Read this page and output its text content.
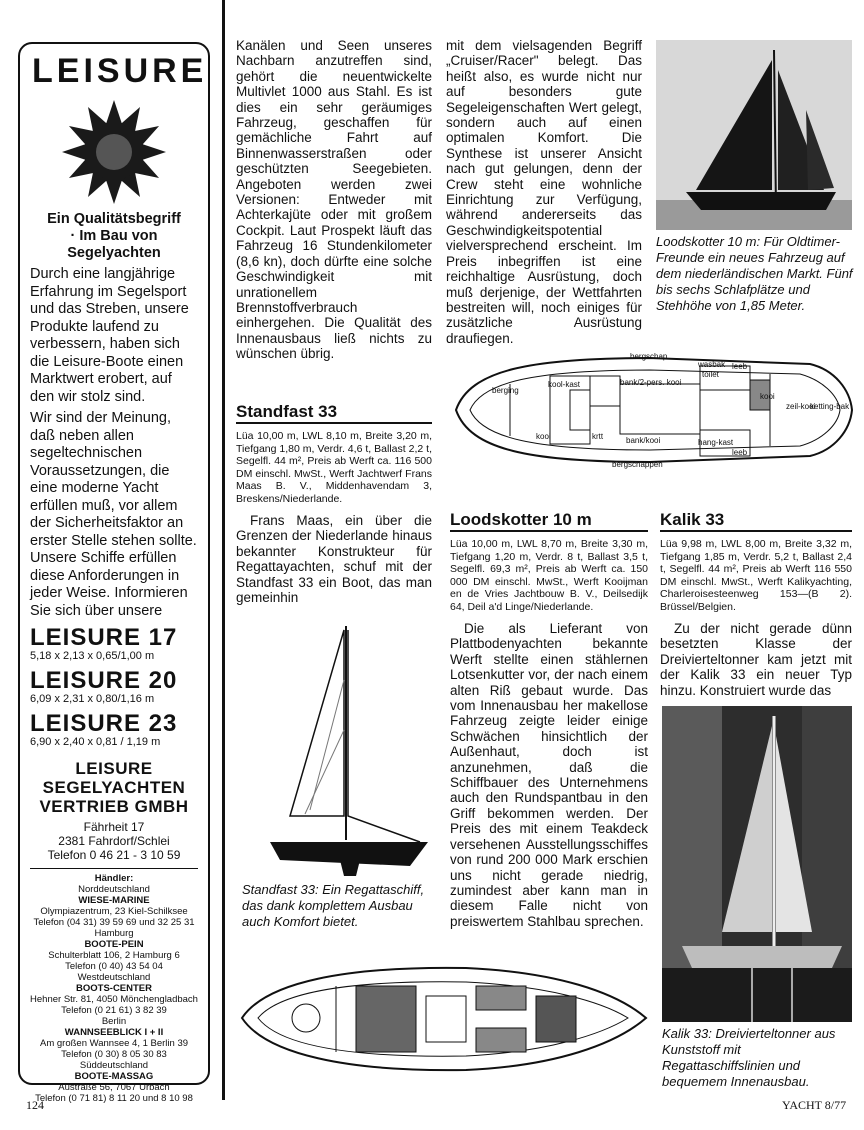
LEISURE
Ein Qualitätsbegriff
· Im Bau von
Segelyachten
Durch eine langjährige Erfahrung im Segelsport und das Streben, unsere Produkte laufend zu verbessern, haben sich die Leisure-Boote einen Marktwert erobert, auf den wir stolz sind.
Wir sind der Meinung, daß neben allen segeltechnischen Voraussetzungen, die eine moderne Yacht erfüllen muß, vor allem der Sicherheitsfaktor an erster Stelle stehen sollte. Unsere Schiffe erfüllen diese Anforderungen in jeder Weise. Informieren Sie sich über unsere
LEISURE 17
5,18 x 2,13 x 0,65/1,00 m
LEISURE 20
6,09 x 2,31 x 0,80/1,16 m
LEISURE 23
6,90 x 2,40 x 0,81 / 1,19 m
LEISURE
SEGELYACHTEN
VERTRIEB GMBH
Fährheit 17
2381 Fahrdorf/Schlei
Telefon 0 46 21 - 3 10 59
Händler:
Norddeutschland
WIESE-MARINE
Olympiazentrum, 23 Kiel-Schilksee
Telefon (04 31) 39 59 69 und 32 25 31
Hamburg
BOOTE-PEIN
Schulterblatt 106, 2 Hamburg 6
Telefon (0 40) 43 54 04
Westdeutschland
BOOTS-CENTER
Hehner Str. 81, 4050 Mönchengladbach
Telefon (0 21 61) 3 82 39
Berlin
WANNSEEBLICK I + II
Am großen Wannsee 4, 1 Berlin 39
Telefon (0 30) 8 05 30 83
Süddeutschland
BOOTE-MASSAG
Austraße 56, 7067 Urbach
Telefon (0 71 81) 8 11 20 und 8 10 98
Kanälen und Seen unseres Nachbarn anzutreffen sind, gehört die neuentwickelte Multivlet 1000 aus Stahl. Es ist dies ein sehr geräumiges Fahrzeug, geschaffen für gemächliche Fahrt auf Binnenwasserstraßen oder geschützten Seegebieten. Angeboten werden zwei Versionen: Entweder mit Achterkajüte oder mit großem Cockpit. Laut Prospekt läuft das Fahrzeug 16 Stundenkilometer (8,6 kn), doch dürfte eine solche Geschwindigkeit mit unrationellem Brennstoffverbrauch einhergehen. Die Qualität des Innenausbaus ließ nichts zu wünschen übrig.
mit dem vielsagenden Begriff „Cruiser/Racer" belegt. Das heißt also, es wurde nicht nur auf besonders gute Segeleigenschaften Wert gelegt, sondern auch auf einen optimalen Komfort. Die Synthese ist unserer Ansicht nach gut gelungen, denn der Crew steht eine wohnliche Einrichtung zur Verfügung, während andererseits das Geschwindigkeitspotential vielversprechend erscheint. Im Preis inbegriffen ist eine reichhaltige Ausrüstung, doch muß derjenige, der Wettfahrten bestreiten will, noch einiges für zusätzliche Ausrüstung draufiegen.
Loodskotter 10 m: Für Oldtimer-Freunde ein neues Fahrzeug auf dem niederländischen Markt. Fünf bis sechs Schlafplätze und Stehhöhe von 1,85 Meter.
bergschap
wasbak
toilet
leeb
kool-kast
berging
bank/2-pers. kooi
kooi
zeil-kooi
ketting-bak
kooi	krtt	bank/kooi	hang-kast
leeb
bergschappen
Standfast 33
Lüa 10,00 m, LWL 8,10 m, Breite 3,20 m, Tiefgang 1,80 m, Verdr. 4,6 t, Ballast 2,2 t, Segelfl. 44 m², Preis ab Werft ca. 116 500 DM einschl. MwSt., Werft Jachtwerf Frans Maas B. V., Middenhavendam 3, Breskens/Niederlande.
Frans Maas, ein über die Grenzen der Niederlande hinaus bekannter Konstrukteur für Regattayachten, schuf mit der Standfast 33 ein Boot, das man gemeinhin
Standfast 33: Ein Regattaschiff, das dank komplettem Ausbau auch Komfort bietet.
Loodskotter 10 m
Lüa 10,00 m, LWL 8,70 m, Breite 3,30 m, Tiefgang 1,20 m, Verdr. 8 t, Ballast 3,5 t, Segelfl. 69,3 m², Preis ab Werft ca. 150 000 DM einschl. MwSt., Werft Kooijman en de Vries Jachtbouw B. V., Deilsedijk 64, Deil a'd Linge/Niederlande.
Die als Lieferant von Plattbodenyachten bekannte Werft stellte einen stählernen Lotsenkutter vor, der nach einem alten Riß gebaut wurde. Das vom Innenausbau her makellose Fahrzeug zeigte leider einige Schwächen hinsichtlich der Außenhaut, doch ist anzunehmen, daß die Schiffbauer des Unternehmens auch den Rundspantbau in den Griff bekommen werden. Der Preis des mit einem Teakdeck versehenen Ausstellungsschiffes von rund 200 000 Mark erschien uns nicht gerade niedrig, zumindest aber kann man in diesem Falle nicht von preiswertem Stahlbau sprechen.
Kalik 33
Lüa 9,98 m, LWL 8,00 m, Breite 3,32 m, Tiefgang 1,85 m, Verdr. 5,2 t, Ballast 2,4 t, Segelfl. 44 m², Preis ab Werft 116 550 DM einschl. MwSt., Werft Kalikyachting, Charleroisesteenweg 153—(B 2). Brüssel/Belgien.
Zu der nicht gerade dünn besetzten Klasse der Dreivierteltonner kam jetzt mit der Kalik 33 ein neuer Typ hinzu. Konstruiert wurde das
Kalik 33: Dreivierteltonner aus Kunststoff mit Regattaschiffslinien und bequemem Innenausbau.
124	YACHT 8/77
